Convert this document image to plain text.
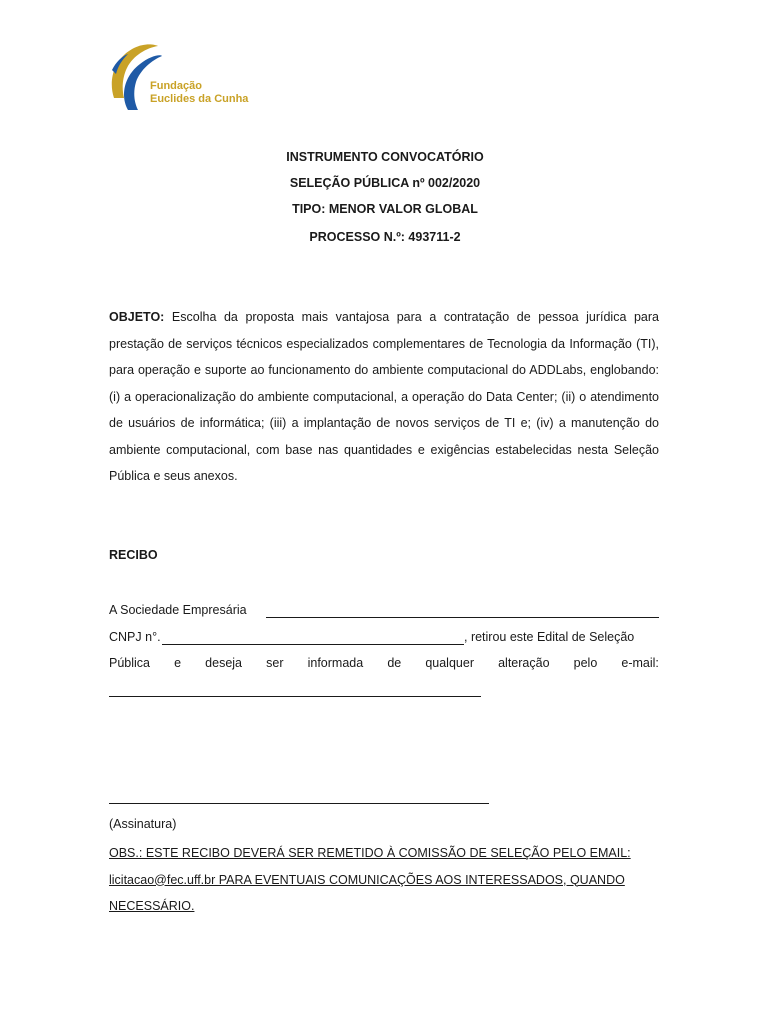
Fundação
Euclides da Cunha
INSTRUMENTO CONVOCATÓRIO
SELEÇÃO PÚBLICA nº 002/2020
TIPO: MENOR VALOR GLOBAL
PROCESSO N.º: 493711-2
OBJETO: Escolha da proposta mais vantajosa para a contratação de pessoa jurídica para prestação de serviços técnicos especializados complementares de Tecnologia da Informação (TI), para operação e suporte ao funcionamento do ambiente computacional do ADDLabs, englobando: (i) a operacionalização do ambiente computacional, a operação do Data Center; (ii) o atendimento de usuários de informática; (iii) a implantação de novos serviços de TI e; (iv) a manutenção do ambiente computacional, com base nas quantidades e exigências estabelecidas nesta Seleção Pública e seus anexos.
RECIBO
A Sociedade Empresária
CNPJ n°.	, retirou este Edital de Seleção
Pública e deseja ser informada de qualquer alteração pelo e-mail:
(Assinatura)
OBS.: ESTE RECIBO DEVERÁ SER REMETIDO À COMISSÃO DE SELEÇÃO PELO EMAIL:
licitacao@fec.uff.br PARA EVENTUAIS COMUNICAÇÕES AOS INTERESSADOS, QUANDO
NECESSÁRIO.
